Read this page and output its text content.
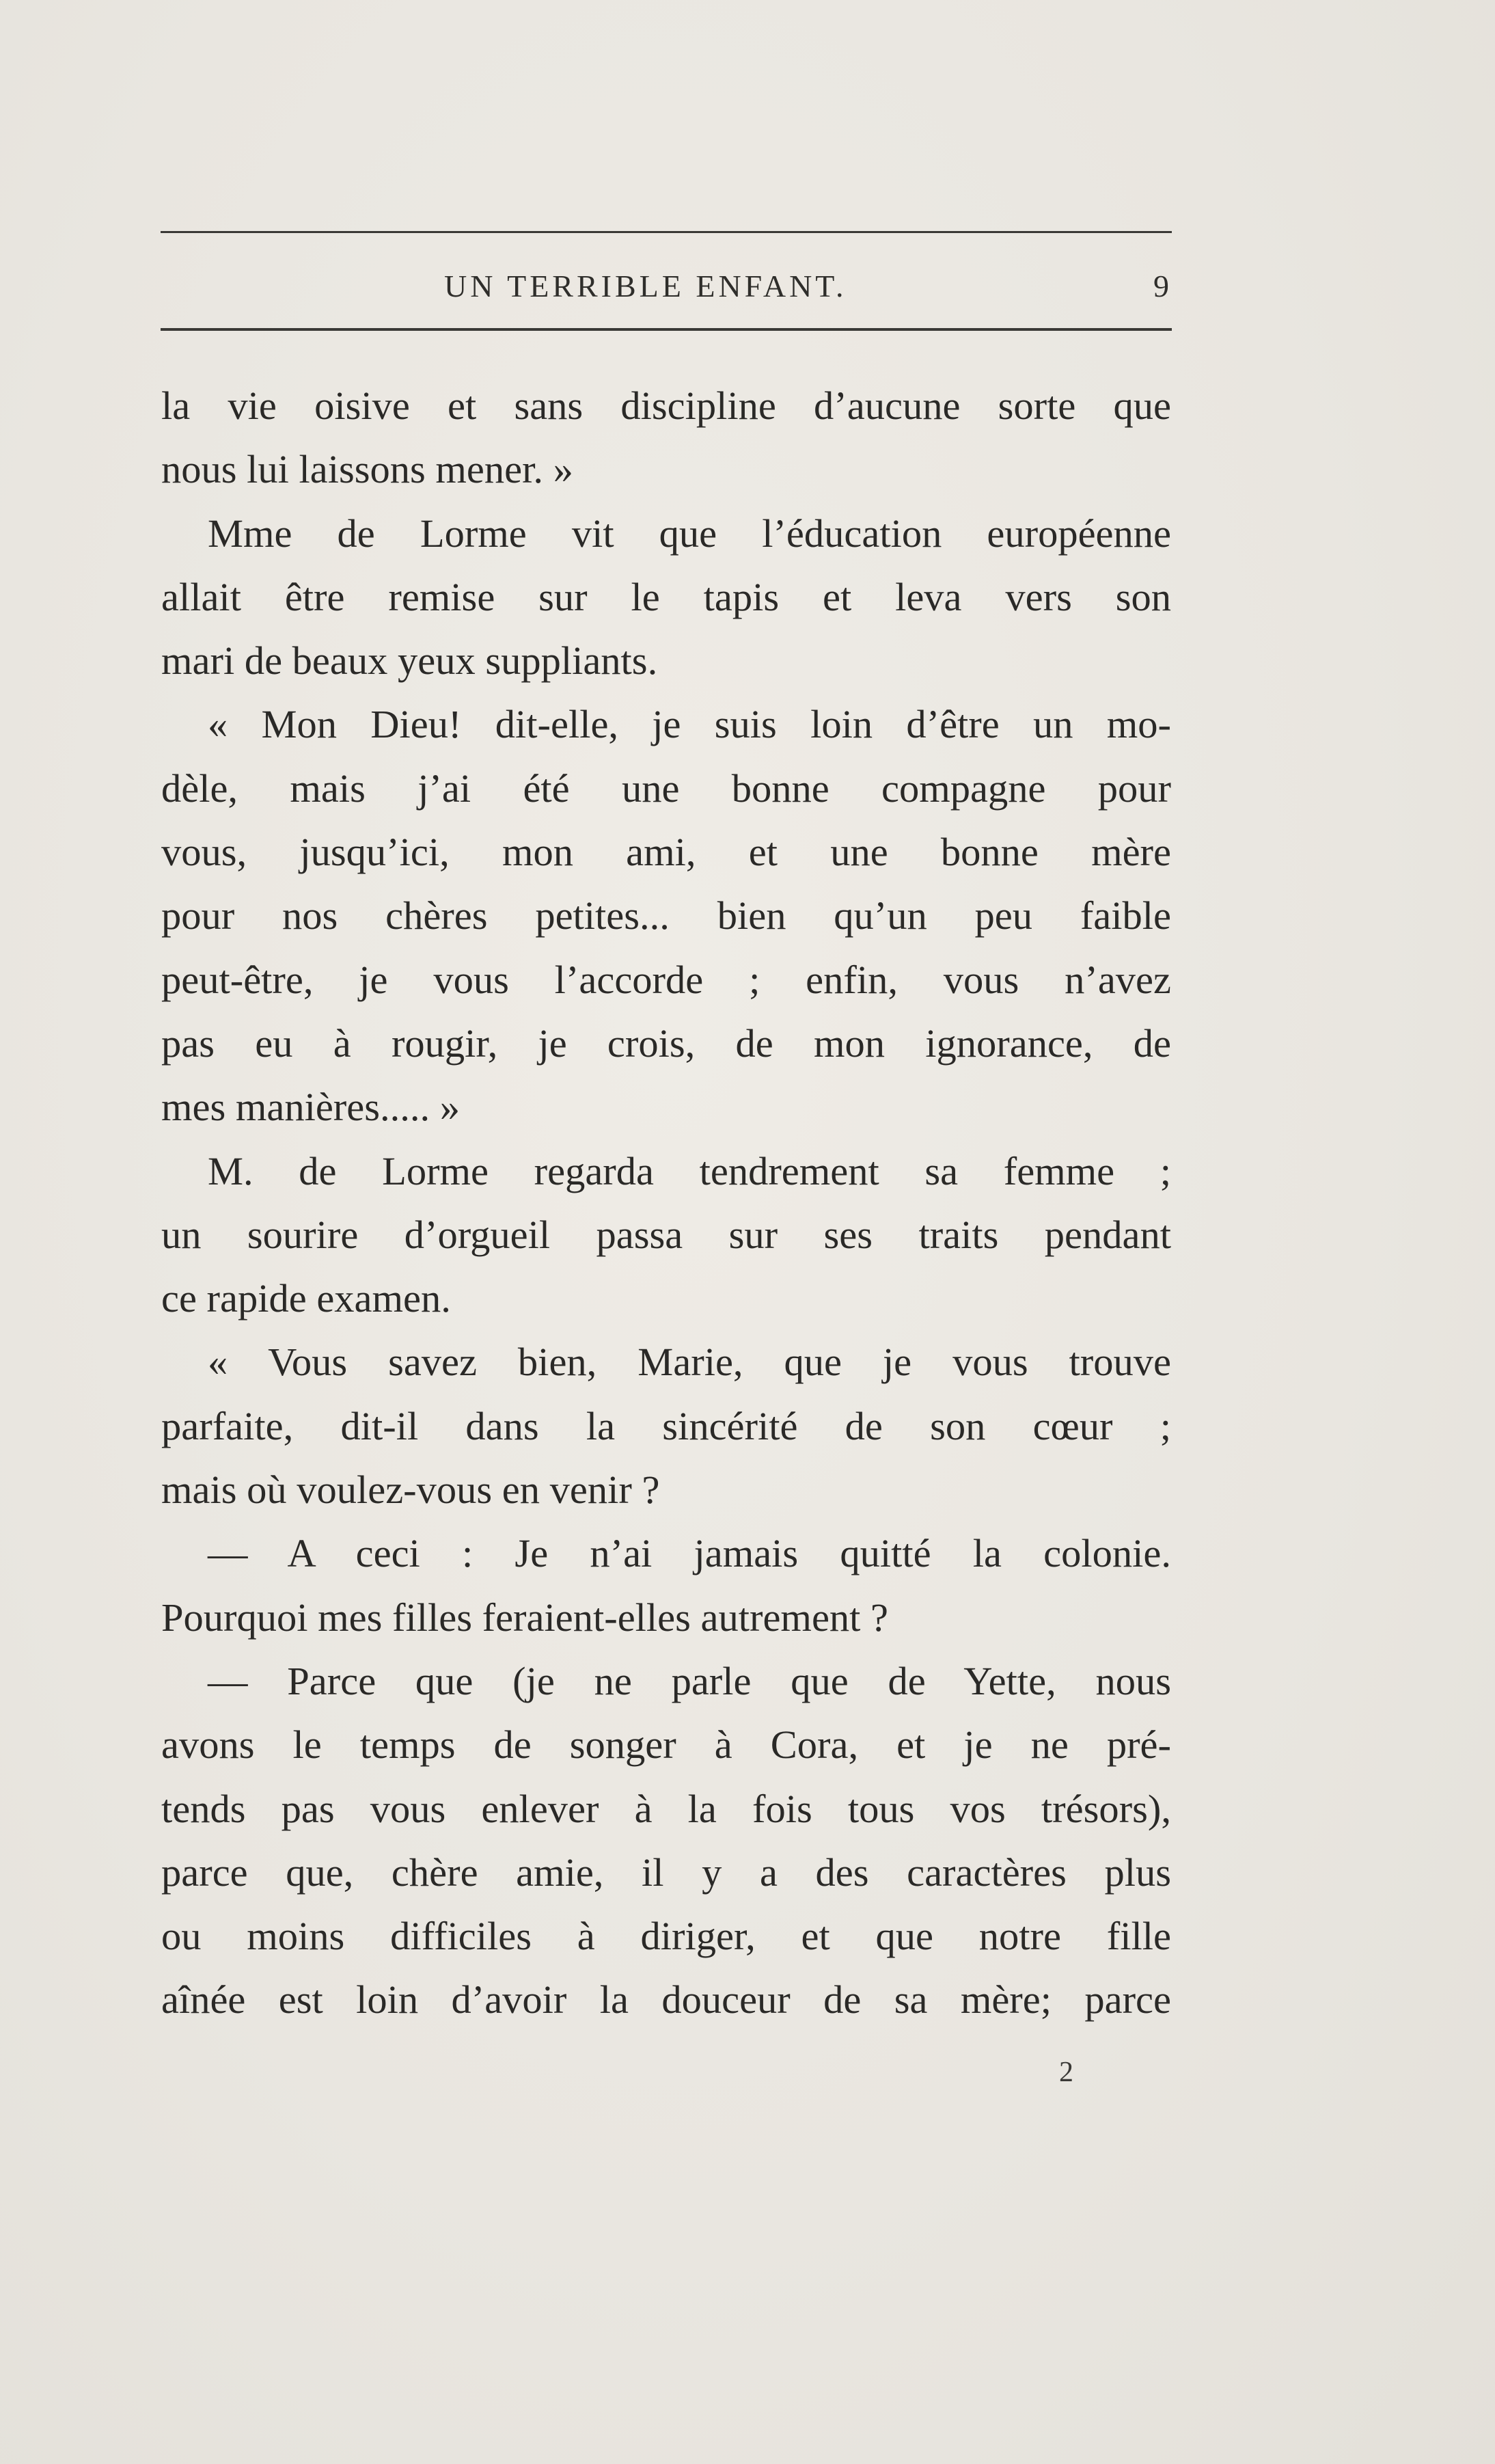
UN TERRIBLE ENFANT.	9
la vie oisive et sans discipline d’aucune sorte que
nous lui laissons mener. »
Mme de Lorme vit que l’éducation européenne
allait être remise sur le tapis et leva vers son
mari de beaux yeux suppliants.
« Mon Dieu! dit-elle, je suis loin d’être un mo-
dèle, mais j’ai été une bonne compagne pour
vous, jusqu’ici, mon ami, et une bonne mère
pour nos chères petites... bien qu’un peu faible
peut-être, je vous l’accorde ; enfin, vous n’avez
pas eu à rougir, je crois, de mon ignorance, de
mes manières..... »
M. de Lorme regarda tendrement sa femme ;
un sourire d’orgueil passa sur ses traits pendant
ce rapide examen.
« Vous savez bien, Marie, que je vous trouve
parfaite, dit-il dans la sincérité de son cœur ;
mais où voulez-vous en venir ?
— A ceci : Je n’ai jamais quitté la colonie.
Pourquoi mes filles feraient-elles autrement ?
— Parce que (je ne parle que de Yette, nous
avons le temps de songer à Cora, et je ne pré-
tends pas vous enlever à la fois tous vos trésors),
parce que, chère amie, il y a des caractères plus
ou moins difficiles à diriger, et que notre fille
aînée est loin d’avoir la douceur de sa mère; parce
2
